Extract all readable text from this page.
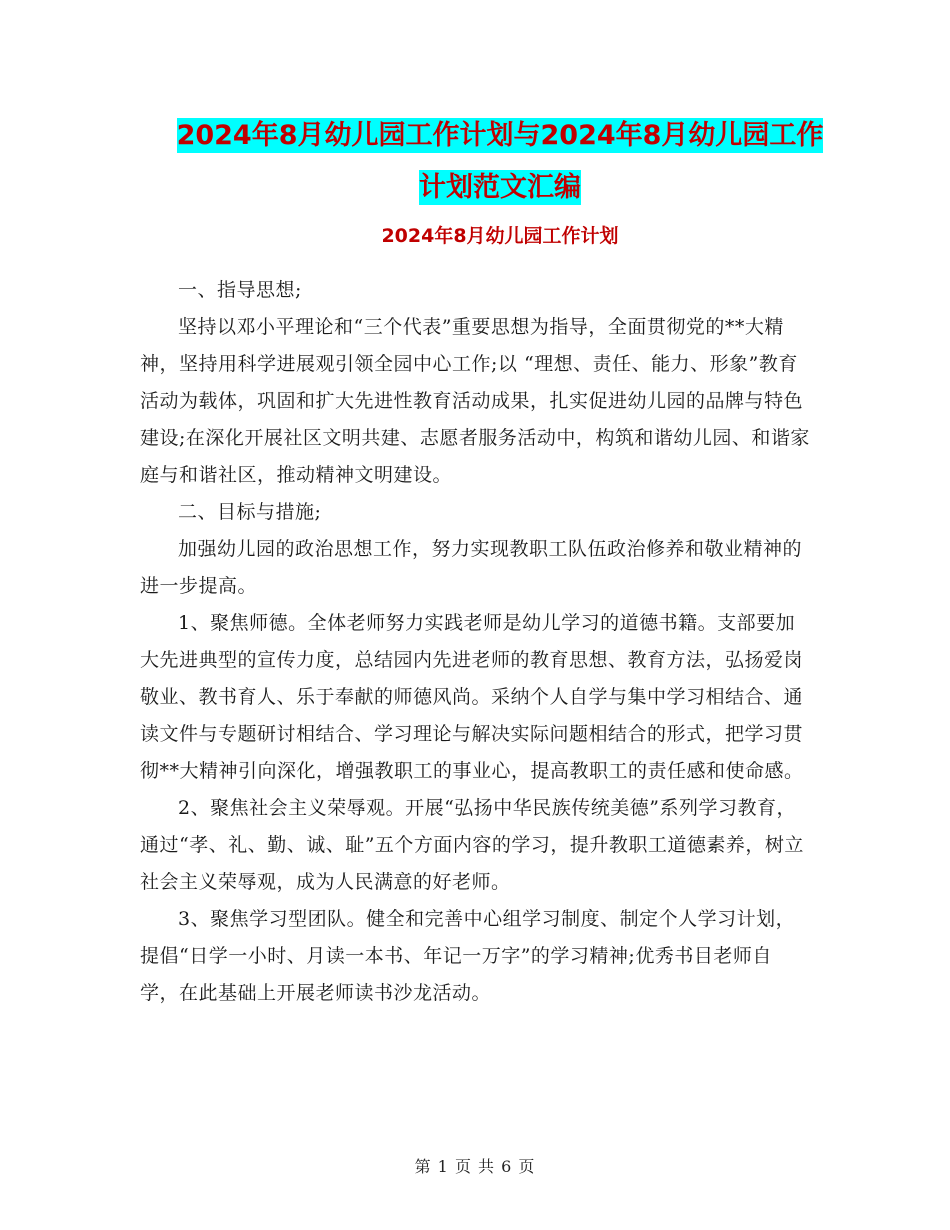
2024年8月幼儿园工作计划与2024年8月幼儿园工作
计划范文汇编
2024年8月幼儿园工作计划

一、指导思想;

坚持以邓小平理论和“三个代表”重要思想为指导，全面贯彻党的**大精神，坚持用科学进展观引领全园中心工作;以 “理想、责任、能力、形象”教育活动为载体，巩固和扩大先进性教育活动成果，扎实促进幼儿园的品牌与特色建设;在深化开展社区文明共建、志愿者服务活动中，构筑和谐幼儿园、和谐家庭与和谐社区，推动精神文明建设。

二、目标与措施;

加强幼儿园的政治思想工作，努力实现教职工队伍政治修养和敬业精神的进一步提高。

1、聚焦师德。全体老师努力实践老师是幼儿学习的道德书籍。支部要加大先进典型的宣传力度，总结园内先进老师的教育思想、教育方法，弘扬爱岗敬业、教书育人、乐于奉献的师德风尚。采纳个人自学与集中学习相结合、通读文件与专题研讨相结合、学习理论与解决实际问题相结合的形式，把学习贯彻**大精神引向深化，增强教职工的事业心，提高教职工的责任感和使命感。

2、聚焦社会主义荣辱观。开展“弘扬中华民族传统美德”系列学习教育，通过“孝、礼、勤、诚、耻”五个方面内容的学习，提升教职工道德素养，树立社会主义荣辱观，成为人民满意的好老师。

3、聚焦学习型团队。健全和完善中心组学习制度、制定个人学习计划，提倡“日学一小时、月读一本书、年记一万字”的学习精神;优秀书目老师自学，在此基础上开展老师读书沙龙活动。

第 1 页 共 6 页
